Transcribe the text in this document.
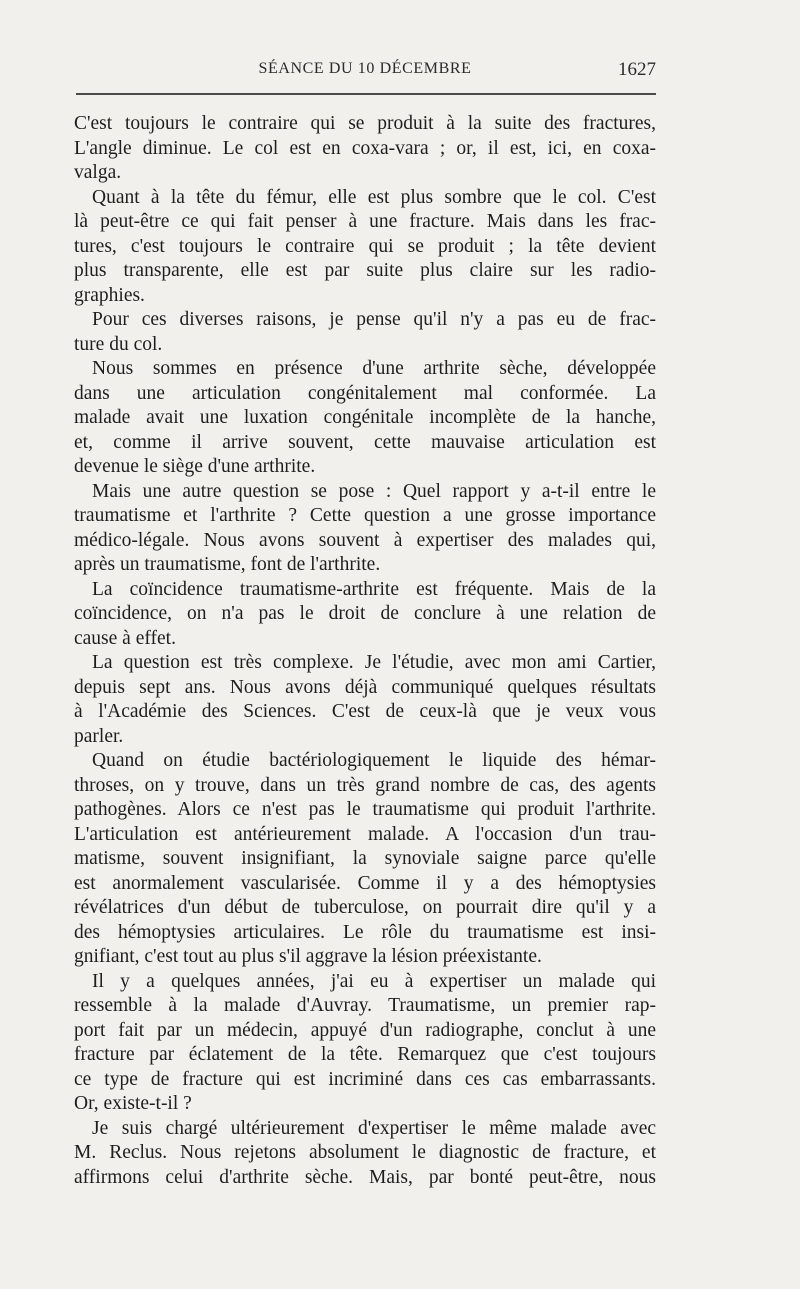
SÉANCE DU 10 DÉCEMBRE	1627
C'est toujours le contraire qui se produit à la suite des fractures,
L'angle diminue. Le col est en coxa-vara ; or, il est, ici, en coxa-
valga.
Quant à la tête du fémur, elle est plus sombre que le col. C'est
là peut-être ce qui fait penser à une fracture. Mais dans les frac-
tures, c'est toujours le contraire qui se produit ; la tête devient
plus transparente, elle est par suite plus claire sur les radio-
graphies.
Pour ces diverses raisons, je pense qu'il n'y a pas eu de frac-
ture du col.
Nous sommes en présence d'une arthrite sèche, développée
dans une articulation congénitalement mal conformée. La
malade avait une luxation congénitale incomplète de la hanche,
et, comme il arrive souvent, cette mauvaise articulation est
devenue le siège d'une arthrite.
Mais une autre question se pose : Quel rapport y a-t-il entre le
traumatisme et l'arthrite ? Cette question a une grosse importance
médico-légale. Nous avons souvent à expertiser des malades qui,
après un traumatisme, font de l'arthrite.
La coïncidence traumatisme-arthrite est fréquente. Mais de la
coïncidence, on n'a pas le droit de conclure à une relation de
cause à effet.
La question est très complexe. Je l'étudie, avec mon ami Cartier,
depuis sept ans. Nous avons déjà communiqué quelques résultats
à l'Académie des Sciences. C'est de ceux-là que je veux vous
parler.
Quand on étudie bactériologiquement le liquide des hémar-
throses, on y trouve, dans un très grand nombre de cas, des agents
pathogènes. Alors ce n'est pas le traumatisme qui produit l'arthrite.
L'articulation est antérieurement malade. A l'occasion d'un trau-
matisme, souvent insignifiant, la synoviale saigne parce qu'elle
est anormalement vascularisée. Comme il y a des hémoptysies
révélatrices d'un début de tuberculose, on pourrait dire qu'il y a
des hémoptysies articulaires. Le rôle du traumatisme est insi-
gnifiant, c'est tout au plus s'il aggrave la lésion préexistante.
Il y a quelques années, j'ai eu à expertiser un malade qui
ressemble à la malade d'Auvray. Traumatisme, un premier rap-
port fait par un médecin, appuyé d'un radiographe, conclut à une
fracture par éclatement de la tête. Remarquez que c'est toujours
ce type de fracture qui est incriminé dans ces cas embarrassants.
Or, existe-t-il ?
Je suis chargé ultérieurement d'expertiser le même malade avec
M. Reclus. Nous rejetons absolument le diagnostic de fracture, et
affirmons celui d'arthrite sèche. Mais, par bonté peut-être, nous
